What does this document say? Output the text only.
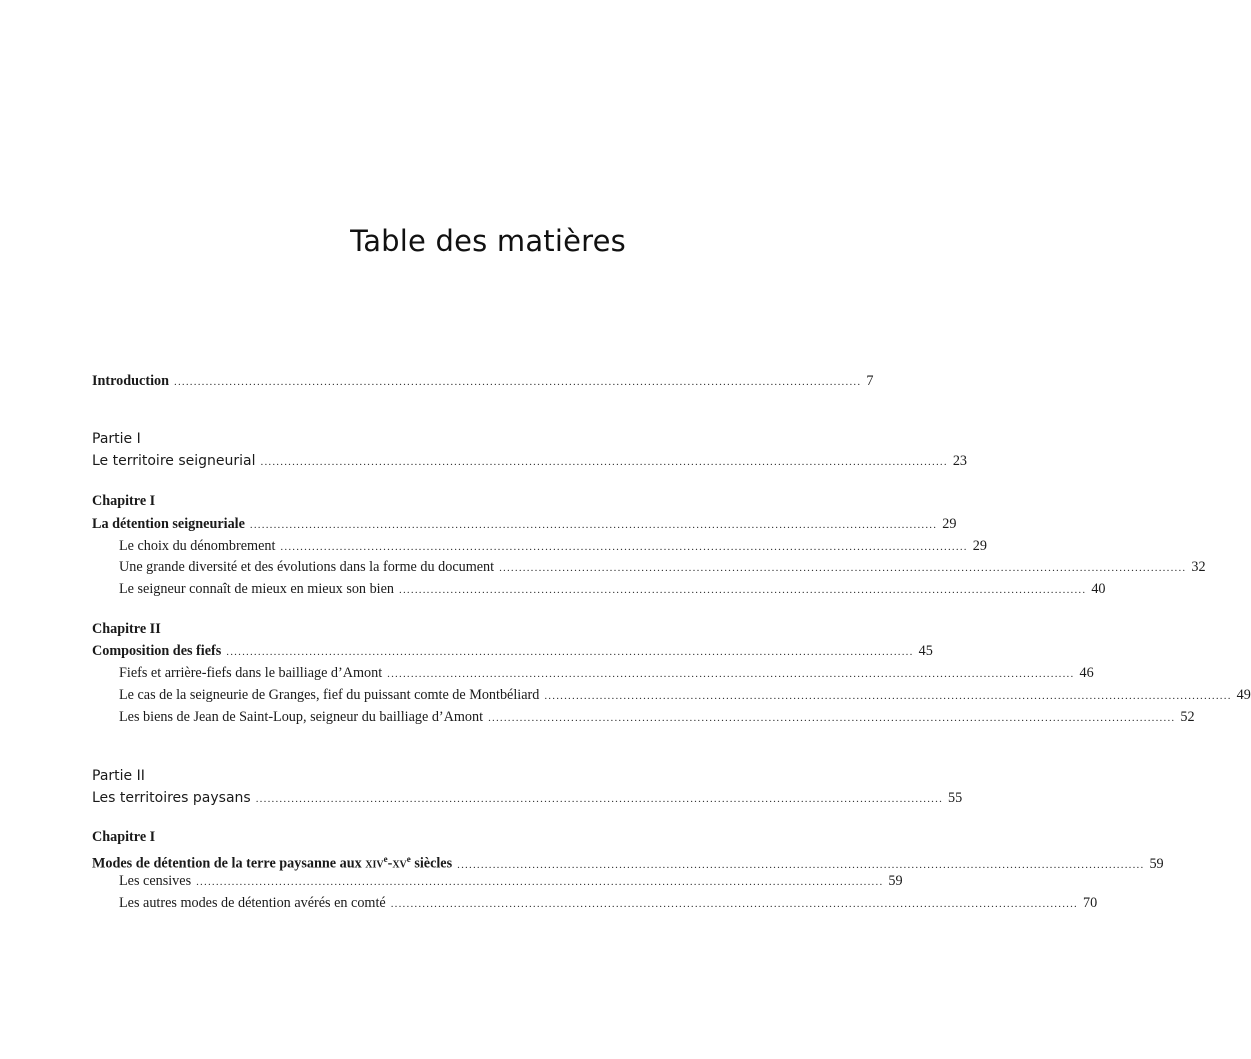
Table des matières
Introduction .............................................................................................................................................................................. 7
Partie I
Le territoire seigneurial .............................................................................................................................................................................. 23
Chapitre I
La détention seigneuriale .............................................................................................................................................................................. 29
Le choix du dénombrement .............................................................................................................................................................................. 29
Une grande diversité et des évolutions dans la forme du document .............................................................................................................................................................................. 32
Le seigneur connaît de mieux en mieux son bien .............................................................................................................................................................................. 40
Chapitre II
Composition des fiefs .............................................................................................................................................................................. 45
Fiefs et arrière-fiefs dans le bailliage d’Amont .............................................................................................................................................................................. 46
Le cas de la seigneurie de Granges, fief du puissant comte de Montbéliard .............................................................................................................................................................................. 49
Les biens de Jean de Saint-Loup, seigneur du bailliage d’Amont .............................................................................................................................................................................. 52
Partie II
Les territoires paysans .............................................................................................................................................................................. 55
Chapitre I
Modes de détention de la terre paysanne aux $xiv^e-xv^e$ siècles .............................................................................................................................................................................. 59
Les censives .............................................................................................................................................................................. 59
Les autres modes de détention avérés en comté .............................................................................................................................................................................. 70
